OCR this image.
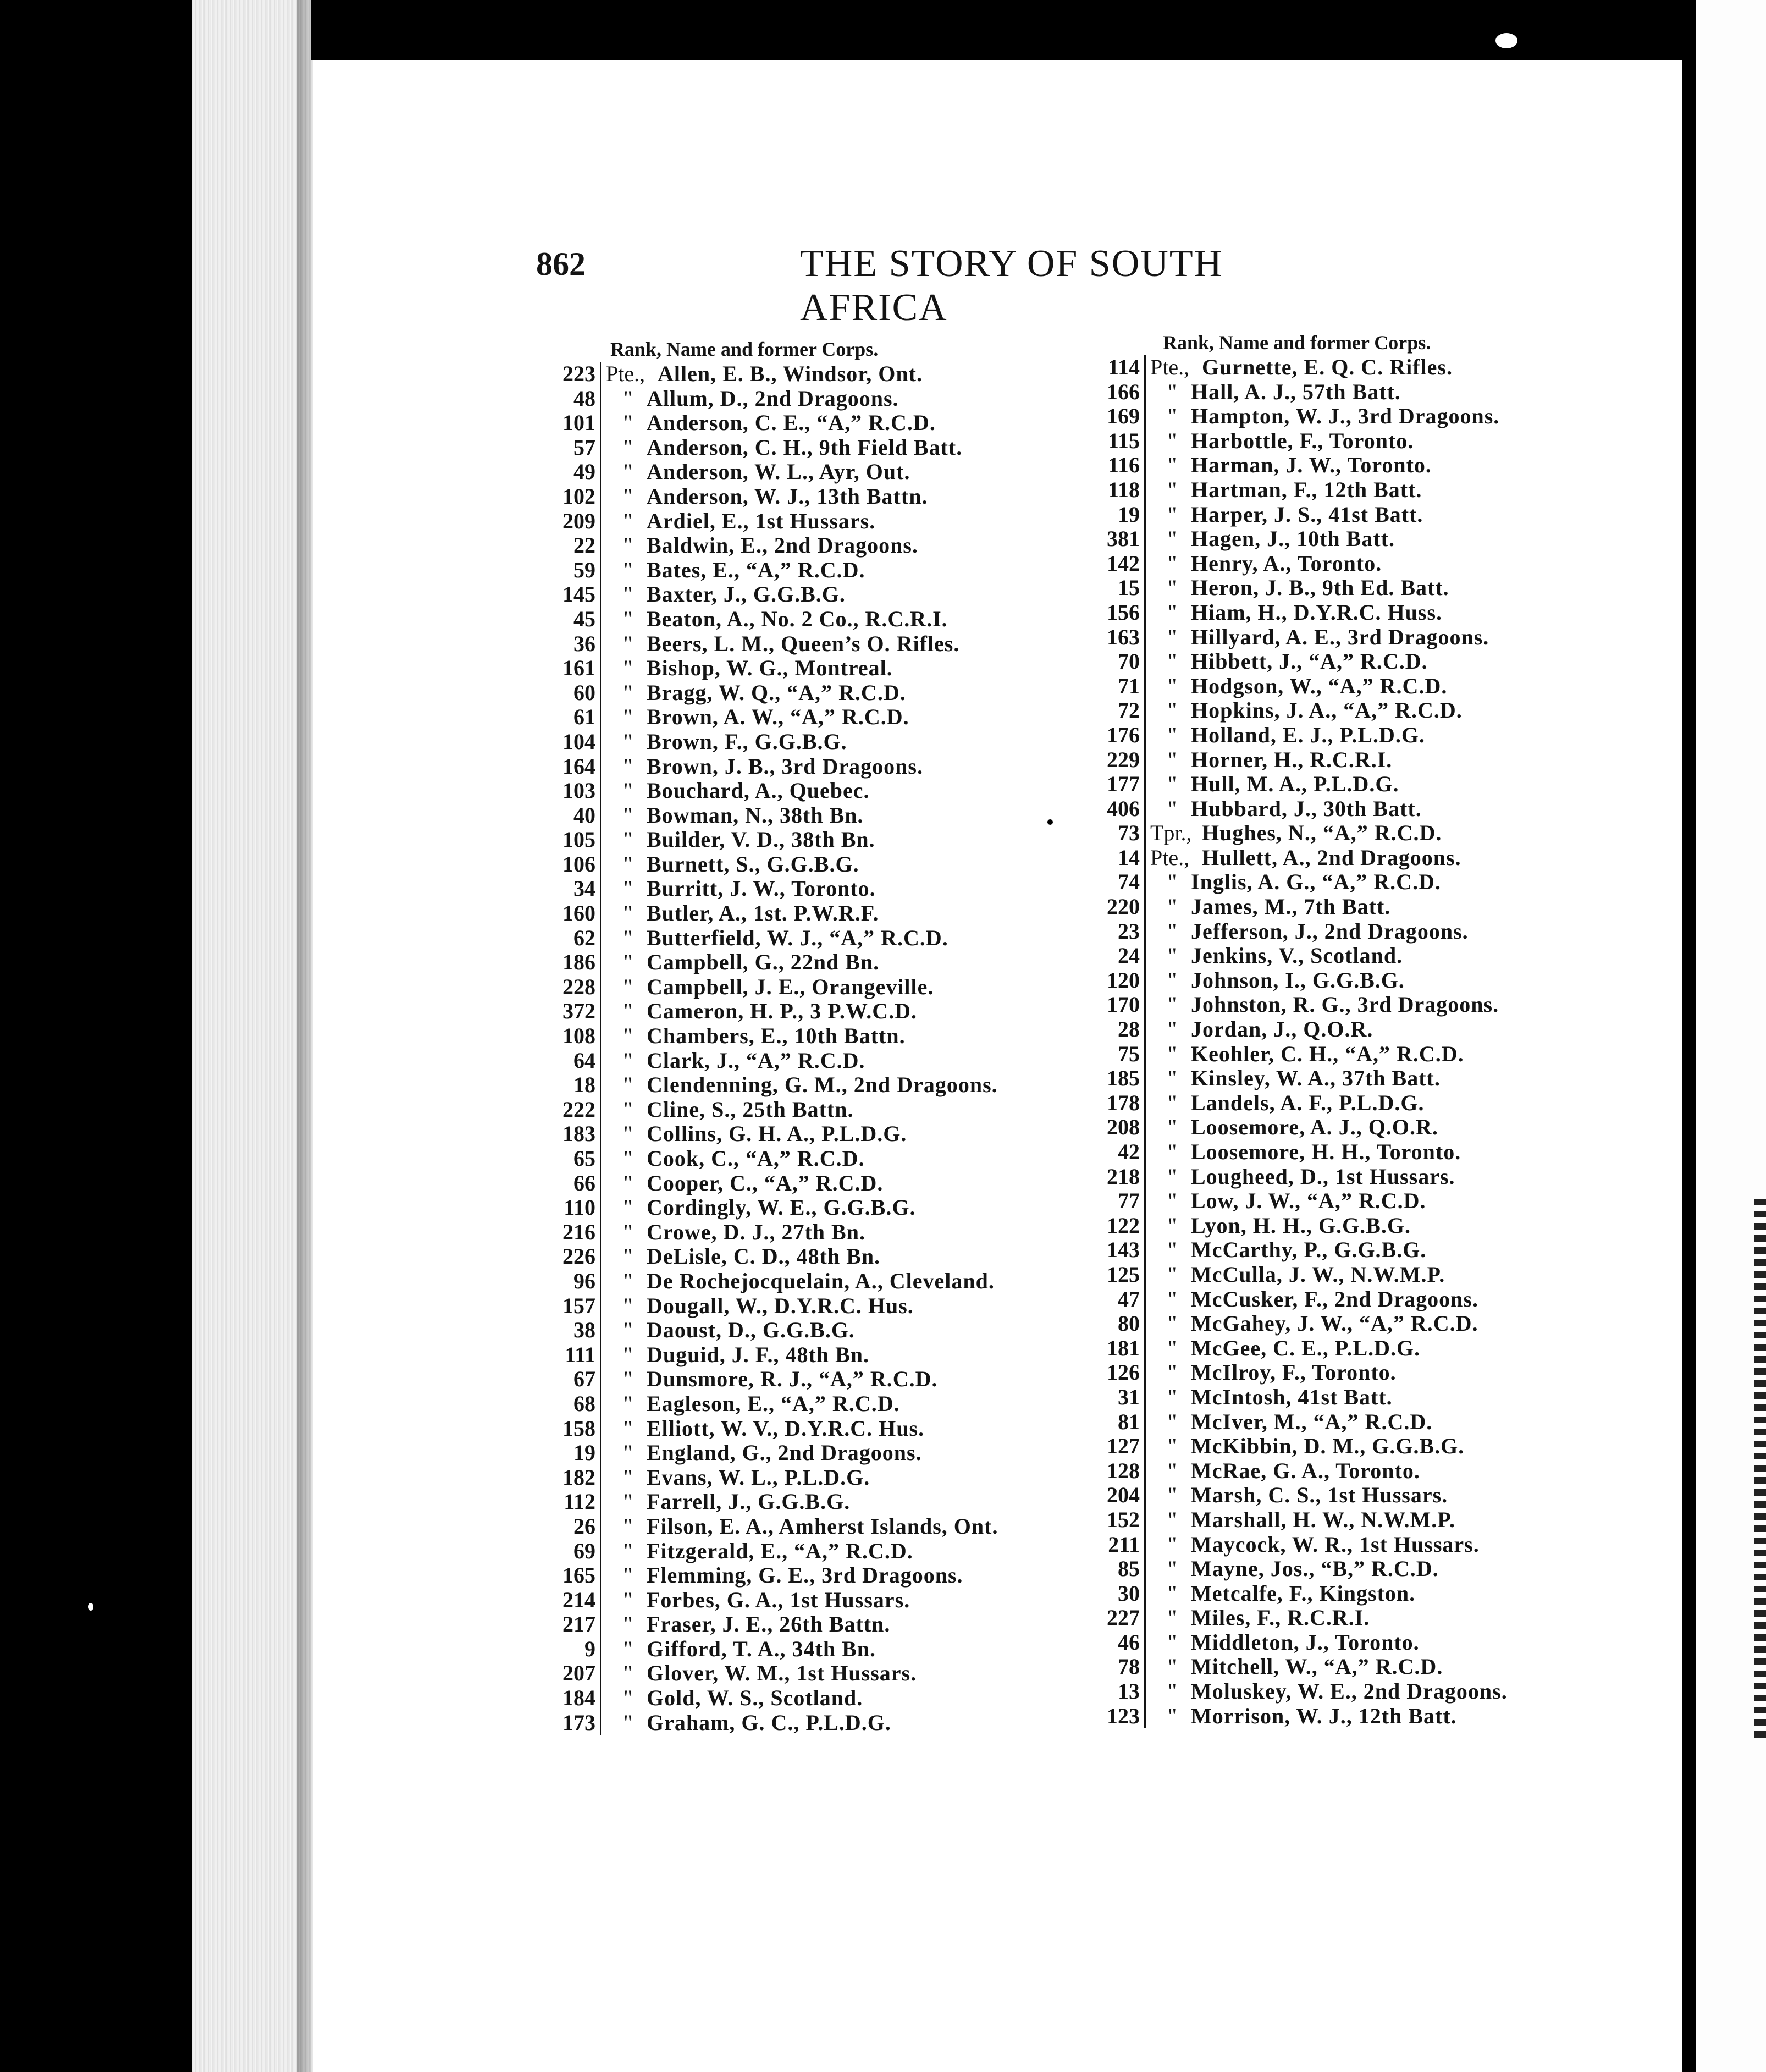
862	THE STORY OF SOUTH AFRICA
Rank, Name and former Corps.
223 Pte., Allen, E. B., Windsor, Ont.
48	" Allum, D., 2nd Dragoons.
101	" Anderson, C. E., “A,” R.C.D.
57	" Anderson, C. H., 9th Field Batt.
49	" Anderson, W. L., Ayr, Out.
102	" Anderson, W. J., 13th Battn.
209	" Ardiel, E., 1st Hussars.
22	" Baldwin, E., 2nd Dragoons.
59	" Bates, E., “A,” R.C.D.
145	" Baxter, J., G.G.B.G.
45	" Beaton, A., No. 2 Co., R.C.R.I.
36	" Beers, L. M., Queen’s O. Rifles.
161	" Bishop, W. G., Montreal.
60	" Bragg, W. Q., “A,” R.C.D.
61	" Brown, A. W., “A,” R.C.D.
104	" Brown, F., G.G.B.G.
164	" Brown, J. B., 3rd Dragoons.
103	" Bouchard, A., Quebec.
40	" Bowman, N., 38th Bn.
105	" Builder, V. D., 38th Bn.
106	" Burnett, S., G.G.B.G.
34	" Burritt, J. W., Toronto.
160	" Butler, A., 1st. P.W.R.F.
62	" Butterfield, W. J., “A,” R.C.D.
186	" Campbell, G., 22nd Bn.
228	" Campbell, J. E., Orangeville.
372	" Cameron, H. P., 3 P.W.C.D.
108	" Chambers, E., 10th Battn.
64	" Clark, J., “A,” R.C.D.
18	" Clendenning, G. M., 2nd Dragoons.
222	" Cline, S., 25th Battn.
183	" Collins, G. H. A., P.L.D.G.
65	" Cook, C., “A,” R.C.D.
66	" Cooper, C., “A,” R.C.D.
110	" Cordingly, W. E., G.G.B.G.
216	" Crowe, D. J., 27th Bn.
226	" DeLisle, C. D., 48th Bn.
96	" De Rochejocquelain, A., Cleveland.
157	" Dougall, W., D.Y.R.C. Hus.
38	" Daoust, D., G.G.B.G.
111	" Duguid, J. F., 48th Bn.
67	" Dunsmore, R. J., “A,” R.C.D.
68	" Eagleson, E., “A,” R.C.D.
158	" Elliott, W. V., D.Y.R.C. Hus.
19	" England, G., 2nd Dragoons.
182	" Evans, W. L., P.L.D.G.
112	" Farrell, J., G.G.B.G.
26	" Filson, E. A., Amherst Islands, Ont.
69	" Fitzgerald, E., “A,” R.C.D.
165	" Flemming, G. E., 3rd Dragoons.
214	" Forbes, G. A., 1st Hussars.
217	" Fraser, J. E., 26th Battn.
9	" Gifford, T. A., 34th Bn.
207	" Glover, W. M., 1st Hussars.
184	" Gold, W. S., Scotland.
173	" Graham, G. C., P.L.D.G.
Rank, Name and former Corps.
114 Pte., Gurnette, E. Q. C. Rifles.
166	" Hall, A. J., 57th Batt.
169	" Hampton, W. J., 3rd Dragoons.
115	" Harbottle, F., Toronto.
116	" Harman, J. W., Toronto.
118	" Hartman, F., 12th Batt.
19	" Harper, J. S., 41st Batt.
381	" Hagen, J., 10th Batt.
142	" Henry, A., Toronto.
15	" Heron, J. B., 9th Ed. Batt.
156	" Hiam, H., D.Y.R.C. Huss.
163	" Hillyard, A. E., 3rd Dragoons.
70	" Hibbett, J., “A,” R.C.D.
71	" Hodgson, W., “A,” R.C.D.
72	" Hopkins, J. A., “A,” R.C.D.
176	" Holland, E. J., P.L.D.G.
229	" Horner, H., R.C.R.I.
177	" Hull, M. A., P.L.D.G.
406	" Hubbard, J., 30th Batt.
73 Tpr., Hughes, N., “A,” R.C.D.
14 Pte., Hullett, A., 2nd Dragoons.
74	" Inglis, A. G., “A,” R.C.D.
220	" James, M., 7th Batt.
23	" Jefferson, J., 2nd Dragoons.
24	" Jenkins, V., Scotland.
120	" Johnson, I., G.G.B.G.
170	" Johnston, R. G., 3rd Dragoons.
28	" Jordan, J., Q.O.R.
75	" Keohler, C. H., “A,” R.C.D.
185	" Kinsley, W. A., 37th Batt.
178	" Landels, A. F., P.L.D.G.
208	" Loosemore, A. J., Q.O.R.
42	" Loosemore, H. H., Toronto.
218	" Lougheed, D., 1st Hussars.
77	" Low, J. W., “A,” R.C.D.
122	" Lyon, H. H., G.G.B.G.
143	" McCarthy, P., G.G.B.G.
125	" McCulla, J. W., N.W.M.P.
47	" McCusker, F., 2nd Dragoons.
80	" McGahey, J. W., “A,” R.C.D.
181	" McGee, C. E., P.L.D.G.
126	" McIlroy, F., Toronto.
31	" McIntosh, 41st Batt.
81	" McIver, M., “A,” R.C.D.
127	" McKibbin, D. M., G.G.B.G.
128	" McRae, G. A., Toronto.
204	" Marsh, C. S., 1st Hussars.
152	" Marshall, H. W., N.W.M.P.
211	" Maycock, W. R., 1st Hussars.
85	" Mayne, Jos., “B,” R.C.D.
30	" Metcalfe, F., Kingston.
227	" Miles, F., R.C.R.I.
46	" Middleton, J., Toronto.
78	" Mitchell, W., “A,” R.C.D.
13	" Moluskey, W. E., 2nd Dragoons.
123	" Morrison, W. J., 12th Batt.
